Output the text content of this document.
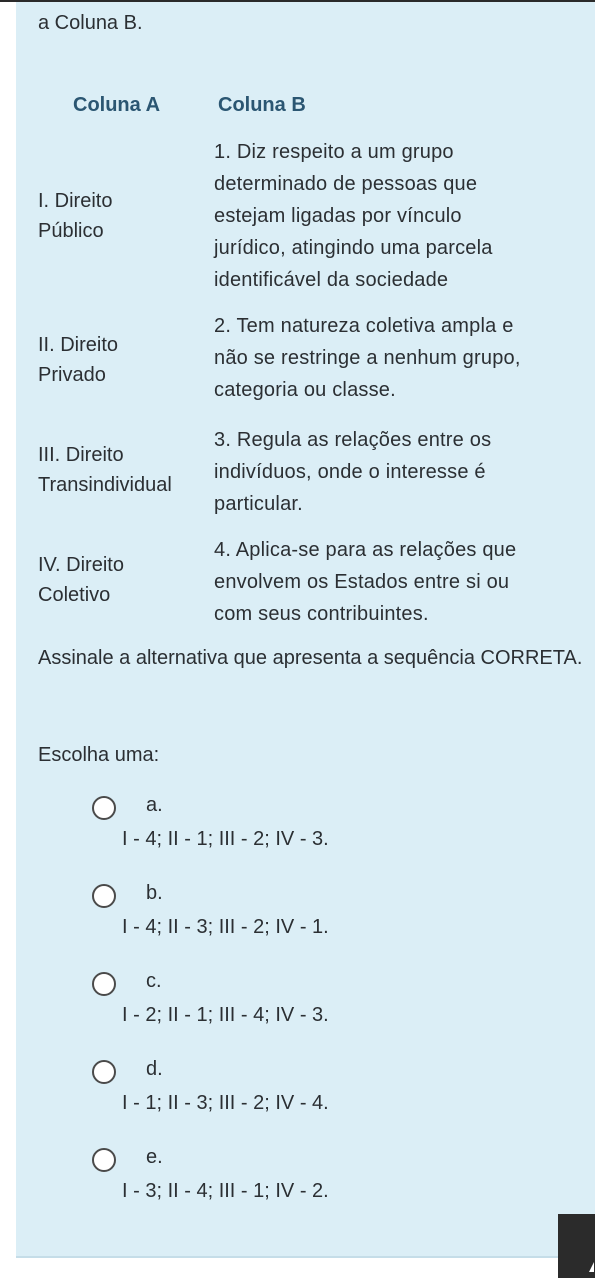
a Coluna B.

Coluna A	Coluna B
I. Direito
Público
1. Diz respeito a um grupo
determinado de pessoas que
estejam ligadas por vínculo
jurídico, atingindo uma parcela
identificável da sociedade
II. Direito
Privado
2. Tem natureza coletiva ampla e
não se restringe a nenhum grupo,
categoria ou classe.
III. Direito
Transindividual
3. Regula as relações entre os
indivíduos, onde o interesse é
particular.
IV. Direito
Coletivo
4. Aplica-se para as relações que
envolvem os Estados entre si ou
com seus contribuintes.

Assinale a alternativa que apresenta a sequência CORRETA.

Escolha uma:

a.
I - 4; II - 1; III - 2; IV - 3.
b.
I - 4; II - 3; III - 2; IV - 1.
c.
I - 2; II - 1; III - 4; IV - 3.
d.
I - 1; II - 3; III - 2; IV - 4.
e.
I - 3; II - 4; III - 1; IV - 2.
